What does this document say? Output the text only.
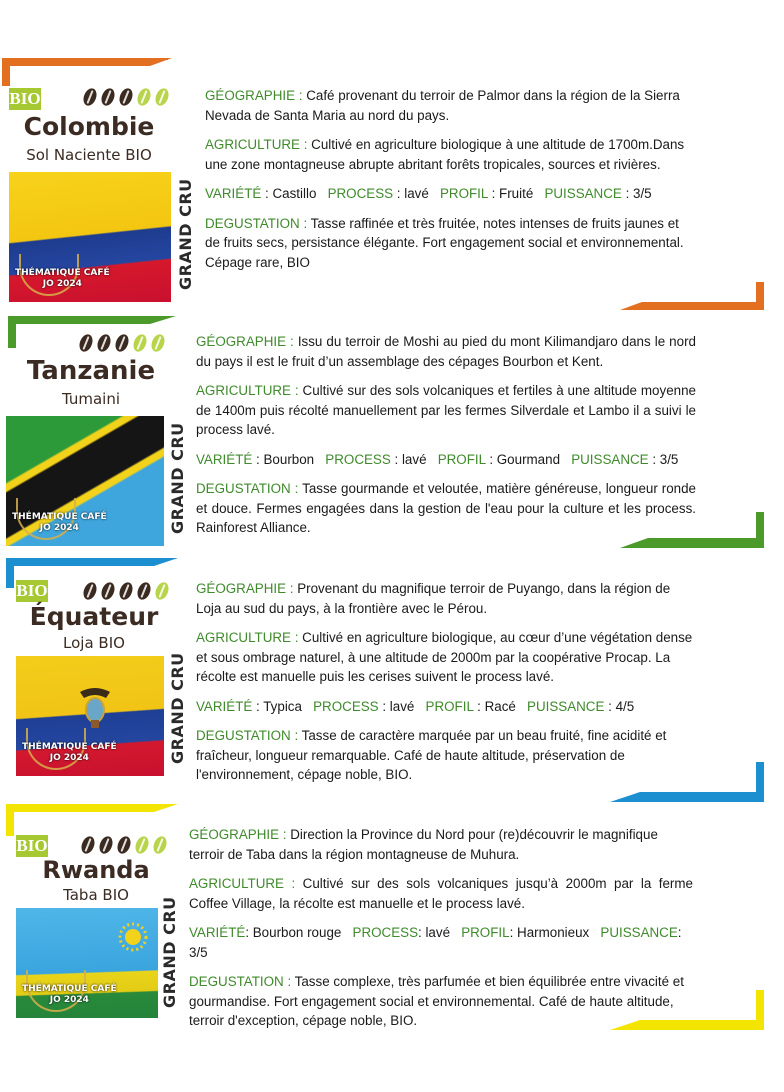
BIO
Colombie
Sol Naciente BIO
THÉMATIQUE CAFÉ
JO 2024	GRAND CRU

GÉOGRAPHIE : Café provenant du terroir de Palmor dans la région de la Sierra Nevada de Santa Maria au nord du pays.

AGRICULTURE : Cultivé en agriculture biologique à une altitude de 1700m.Dans une zone montagneuse abrupte abritant forêts tropicales, sources et rivières.

VARIÉTÉ : Castillo PROCESS : lavé PROFIL : Fruité PUISSANCE : 3/5

DEGUSTATION : Tasse raffinée et très fruitée, notes intenses de fruits jaunes et de fruits secs, persistance élégante. Fort engagement social et environnemental. Cépage rare, BIO

Tanzanie
Tumaini
THÉMATIQUE CAFÉ
JO 2024	GRAND CRU

GÉOGRAPHIE : Issu du terroir de Moshi au pied du mont Kilimandjaro dans le nord du pays il est le fruit d’un assemblage des cépages Bourbon et Kent.

AGRICULTURE : Cultivé sur des sols volcaniques et fertiles à une altitude moyenne de 1400m puis récolté manuellement par les fermes Silverdale et Lambo il a suivi le process lavé.

VARIÉTÉ : Bourbon PROCESS : lavé PROFIL : Gourmand PUISSANCE : 3/5

DEGUSTATION : Tasse gourmande et veloutée, matière généreuse, longueur ronde et douce. Fermes engagées dans la gestion de l'eau pour la culture et les process. Rainforest Alliance.

BIO
Équateur
Loja BIO
THÉMATIQUE CAFÉ
JO 2024	GRAND CRU

GÉOGRAPHIE : Provenant du magnifique terroir de Puyango, dans la région de Loja au sud du pays, à la frontière avec le Pérou.

AGRICULTURE : Cultivé en agriculture biologique, au cœur d’une végétation dense et sous ombrage naturel, à une altitude de 2000m par la coopérative Procap. La récolte est manuelle puis les cerises suivent le process lavé.

VARIÉTÉ : Typica PROCESS : lavé PROFIL : Racé PUISSANCE : 4/5

DEGUSTATION : Tasse de caractère marquée par un beau fruité, fine acidité et fraîcheur, longueur remarquable. Café de haute altitude, préservation de l'environnement, cépage noble, BIO.

BIO
Rwanda
Taba BIO
THÉMATIQUE CAFÉ
JO 2024	GRAND CRU

GÉOGRAPHIE : Direction la Province du Nord pour (re)découvrir le magnifique terroir de Taba dans la région montagneuse de Muhura.

AGRICULTURE : Cultivé sur des sols volcaniques jusqu’à 2000m par la ferme Coffee Village, la récolte est manuelle et le process lavé.

VARIÉTÉ: Bourbon rouge PROCESS: lavé PROFIL: Harmonieux PUISSANCE: 3/5

DEGUSTATION : Tasse complexe, très parfumée et bien équilibrée entre vivacité et gourmandise. Fort engagement social et environnemental. Café de haute altitude, terroir d'exception, cépage noble, BIO.
